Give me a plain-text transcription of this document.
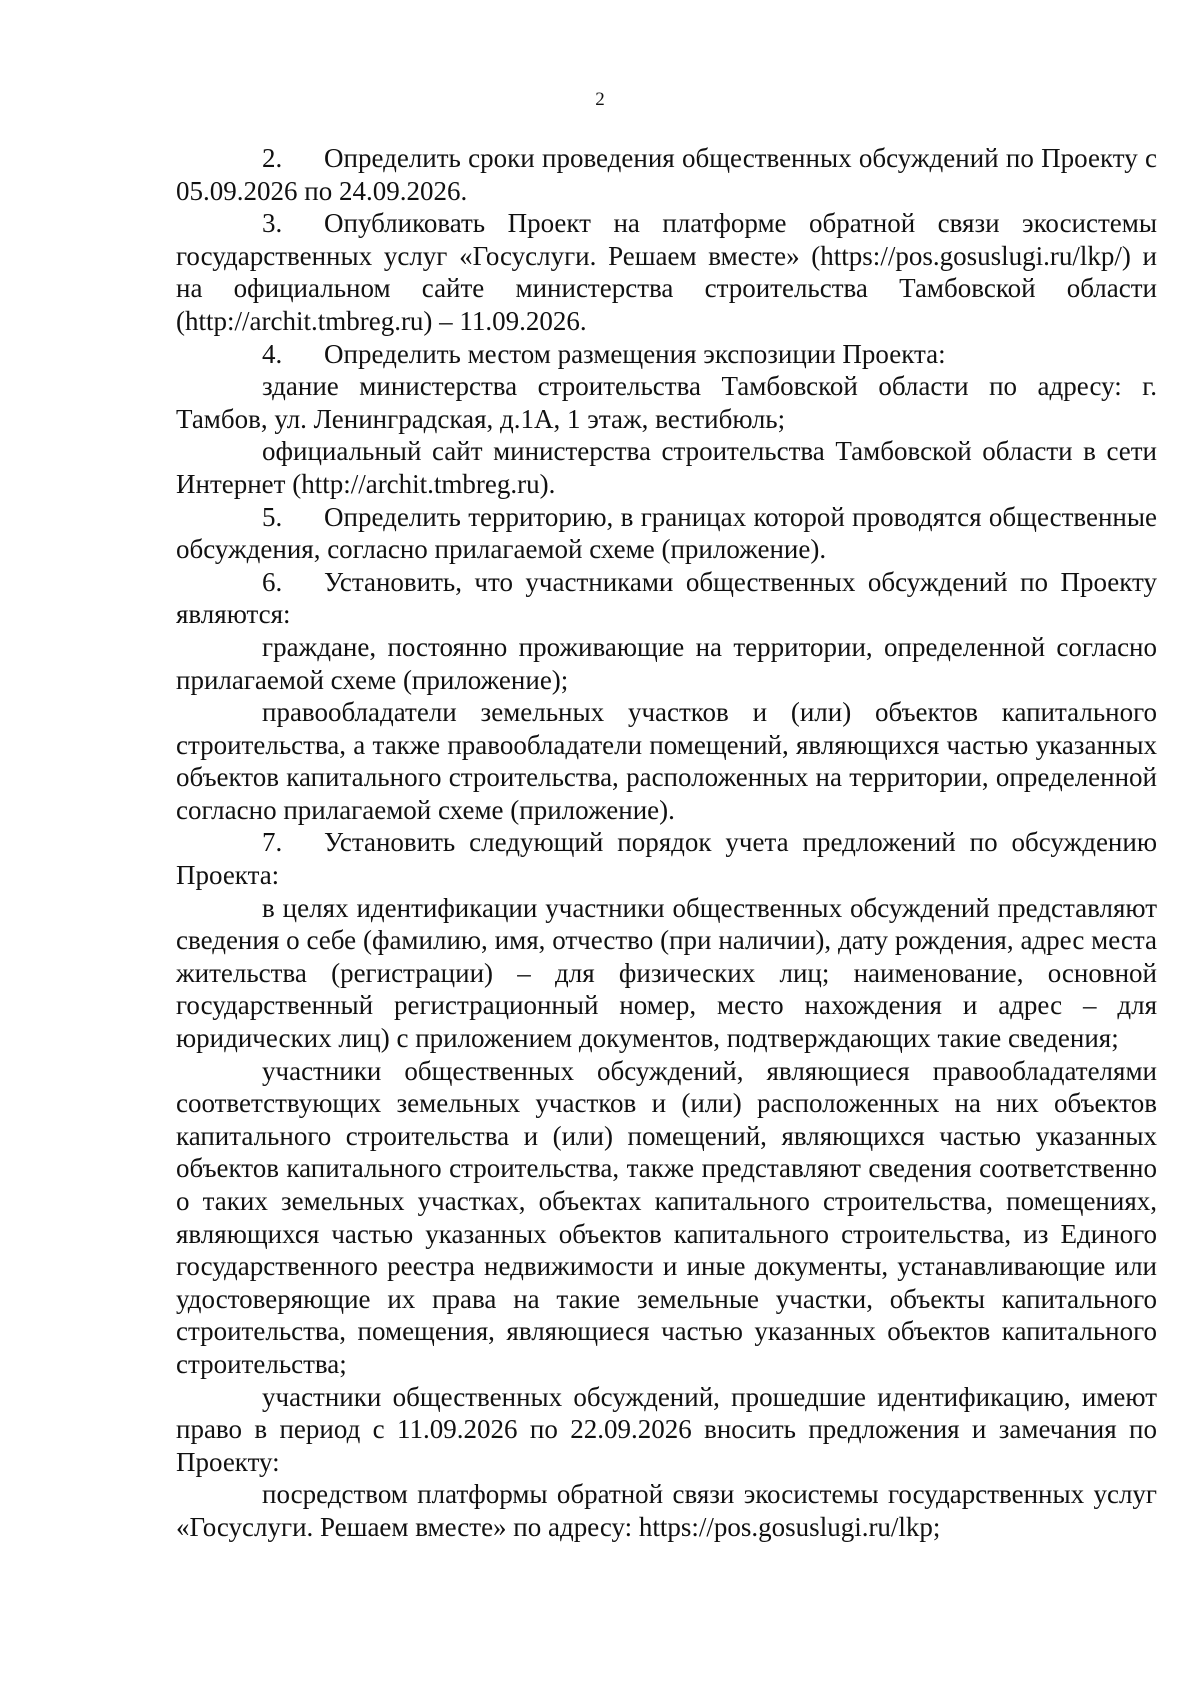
2

2. Определить сроки проведения общественных обсуждений по Проекту с 05.09.2026 по 24.09.2026.

3. Опубликовать Проект на платформе обратной связи экосистемы государственных услуг «Госуслуги. Решаем вместе» (https://pos.gosuslugi.ru/lkp/) и на официальном сайте министерства строительства Тамбовской области (http://archit.tmbreg.ru) – 11.09.2026.

4. Определить местом размещения экспозиции Проекта:

здание министерства строительства Тамбовской области по адресу: г. Тамбов, ул. Ленинградская, д.1А, 1 этаж, вестибюль;

официальный сайт министерства строительства Тамбовской области в сети Интернет (http://archit.tmbreg.ru).

5. Определить территорию, в границах которой проводятся общественные обсуждения, согласно прилагаемой схеме (приложение).

6. Установить, что участниками общественных обсуждений по Проекту являются:

граждане, постоянно проживающие на территории, определенной согласно прилагаемой схеме (приложение);

правообладатели земельных участков и (или) объектов капитального строительства, а также правообладатели помещений, являющихся частью указанных объектов капитального строительства, расположенных на территории, определенной согласно прилагаемой схеме (приложение).

7. Установить следующий порядок учета предложений по обсуждению Проекта:

в целях идентификации участники общественных обсуждений представляют сведения о себе (фамилию, имя, отчество (при наличии), дату рождения, адрес места жительства (регистрации) – для физических лиц; наименование, основной государственный регистрационный номер, место нахождения и адрес – для юридических лиц) с приложением документов, подтверждающих такие сведения;

участники общественных обсуждений, являющиеся правообладателями соответствующих земельных участков и (или) расположенных на них объектов капитального строительства и (или) помещений, являющихся частью указанных объектов капитального строительства, также представляют сведения соответственно о таких земельных участках, объектах капитального строительства, помещениях, являющихся частью указанных объектов капитального строительства, из Единого государственного реестра недвижимости и иные документы, устанавливающие или удостоверяющие их права на такие земельные участки, объекты капитального строительства, помещения, являющиеся частью указанных объектов капитального строительства;

участники общественных обсуждений, прошедшие идентификацию, имеют право в период с 11.09.2026 по 22.09.2026 вносить предложения и замечания по Проекту:

посредством платформы обратной связи экосистемы государственных услуг «Госуслуги. Решаем вместе» по адресу: https://pos.gosuslugi.ru/lkp;
